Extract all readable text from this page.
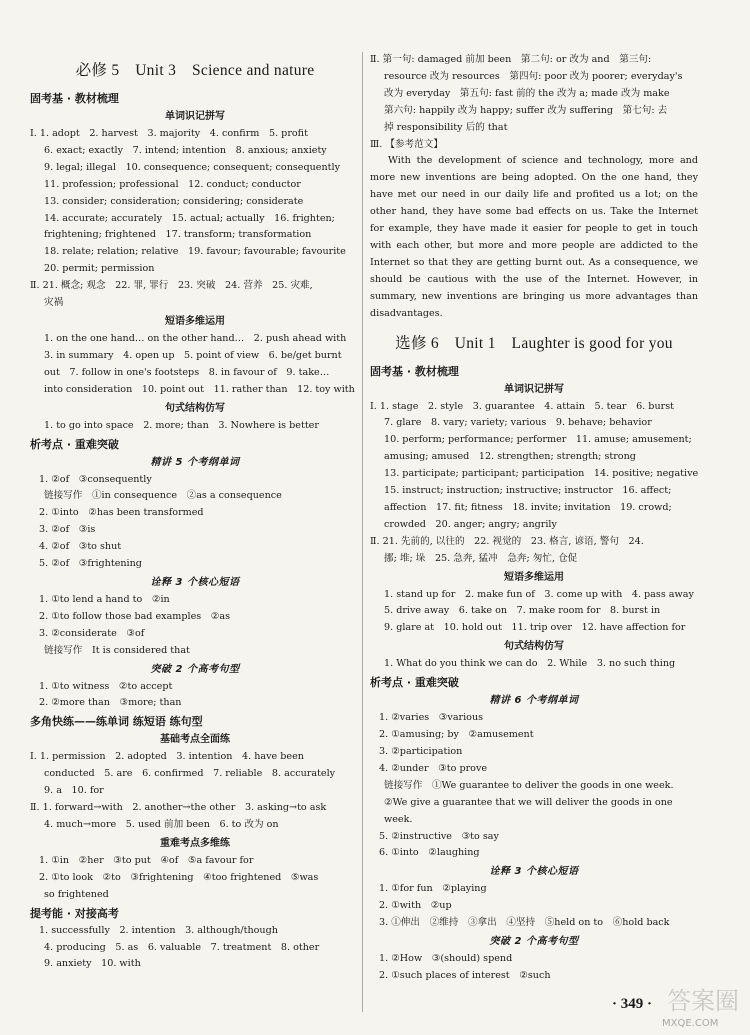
必修 5　Unit 3　Science and nature
固考基 · 教材梳理
单词识记拼写
Ⅰ. 1. adopt　2. harvest　3. majority　4. confirm　5. profit
6. exact; exactly　7. intend; intention　8. anxious; anxiety
9. legal; illegal　10. consequence; consequent; consequently
11. profession; professional　12. conduct; conductor
13. consider; consideration; considering; considerate
14. accurate; accurately　15. actual; actually　16. frighten;
frightening; frightened　17. transform; transformation
18. relate; relation; relative　19. favour; favourable; favourite
20. permit; permission
Ⅱ. 21. 概念; 观念　22. 罪, 罪行　23. 突破　24. 营养　25. 灾难,
灾祸
短语多维运用
1. on the one hand… on the other hand…　2. push ahead with
3. in summary　4. open up　5. point of view　6. be/get burnt
out　7. follow in one's footsteps　8. in favour of　9. take…
into consideration　10. point out　11. rather than　12. toy with
句式结构仿写
1. to go into space　2. more; than　3. Nowhere is better
析考点 · 重难突破
精讲 5 个考纲单词
1. ②of　③consequently
链接写作　①in consequence　②as a consequence
2. ①into　②has been transformed
3. ②of　③is
4. ②of　③to shut
5. ②of　③frightening
诠释 3 个核心短语
1. ①to lend a hand to　②in
2. ①to follow those bad examples　②as
3. ②considerate　③of
链接写作　It is considered that
突破 2 个高考句型
1. ①to witness　②to accept
2. ②more than　③more; than
多角快练——练单词 练短语 练句型
基础考点全面练
Ⅰ. 1. permission　2. adopted　3. intention　4. have been
conducted　5. are　6. confirmed　7. reliable　8. accurately
9. a　10. for
Ⅱ. 1. forward→with　2. another→the other　3. asking→to ask
4. much→more　5. used 前加 been　6. to 改为 on
重难考点多维练
1. ①in　②her　③to put　④of　⑤a favour for
2. ①to look　②to　③frightening　④too frightened　⑤was
so frightened
提考能 · 对接高考
1. successfully　2. intention　3. although/though
4. producing　5. as　6. valuable　7. treatment　8. other
9. anxiety　10. with
Ⅱ. 第一句: damaged 前加 been　第二句: or 改为 and　第三句:
resource 改为 resources　第四句: poor 改为 poorer; everyday's
改为 everyday　第五句: fast 前的 the 改为 a; made 改为 make
第六句: happily 改为 happy; suffer 改为 suffering　第七句: 去
掉 responsibility 后的 that
Ⅲ. 【参考范文】

With the development of science and technology, more and more new inventions are being adopted. On the one hand, they have met our need in our daily life and profited us a lot; on the other hand, they have some bad effects on us. Take the Internet for example, they have made it easier for people to get in touch with each other, but more and more people are addicted to the Internet so that they are getting burnt out. As a consequence, we should be cautious with the use of the Internet. However, in summary, new inventions are bringing us more advantages than disadvantages.

选修 6　Unit 1　Laughter is good for you
固考基 · 教材梳理
单词识记拼写
Ⅰ. 1. stage　2. style　3. guarantee　4. attain　5. tear　6. burst
7. glare　8. vary; variety; various　9. behave; behavior
10. perform; performance; performer　11. amuse; amusement;
amusing; amused　12. strengthen; strength; strong
13. participate; participant; participation　14. positive; negative
15. instruct; instruction; instructive; instructor　16. affect;
affection　17. fit; fitness　18. invite; invitation　19. crowd;
crowded　20. anger; angry; angrily
Ⅱ. 21. 先前的, 以往的　22. 视觉的　23. 格言, 谚语, 警句　24.
挪; 堆; 垛　25. 急奔, 猛冲　急奔; 匆忙, 仓促
短语多维运用
1. stand up for　2. make fun of　3. come up with　4. pass away
5. drive away　6. take on　7. make room for　8. burst in
9. glare at　10. hold out　11. trip over　12. have affection for
句式结构仿写
1. What do you think we can do　2. While　3. no such thing
析考点 · 重难突破
精讲 6 个考纲单词
1. ②varies　③various
2. ①amusing; by　②amusement
3. ②participation
4. ②under　③to prove
链接写作　①We guarantee to deliver the goods in one week.
②We give a guarantee that we will deliver the goods in one
week.
5. ②instructive　③to say
6. ①into　②laughing
诠释 3 个核心短语
1. ①for fun　②playing
2. ①with　②up
3. ①伸出　②维持　③拿出　④坚持　⑤held on to　⑥hold back
突破 2 个高考句型
1. ②How　③(should) spend
2. ①such places of interest　②such
· 349 · 答案圈
MXQE.COM
